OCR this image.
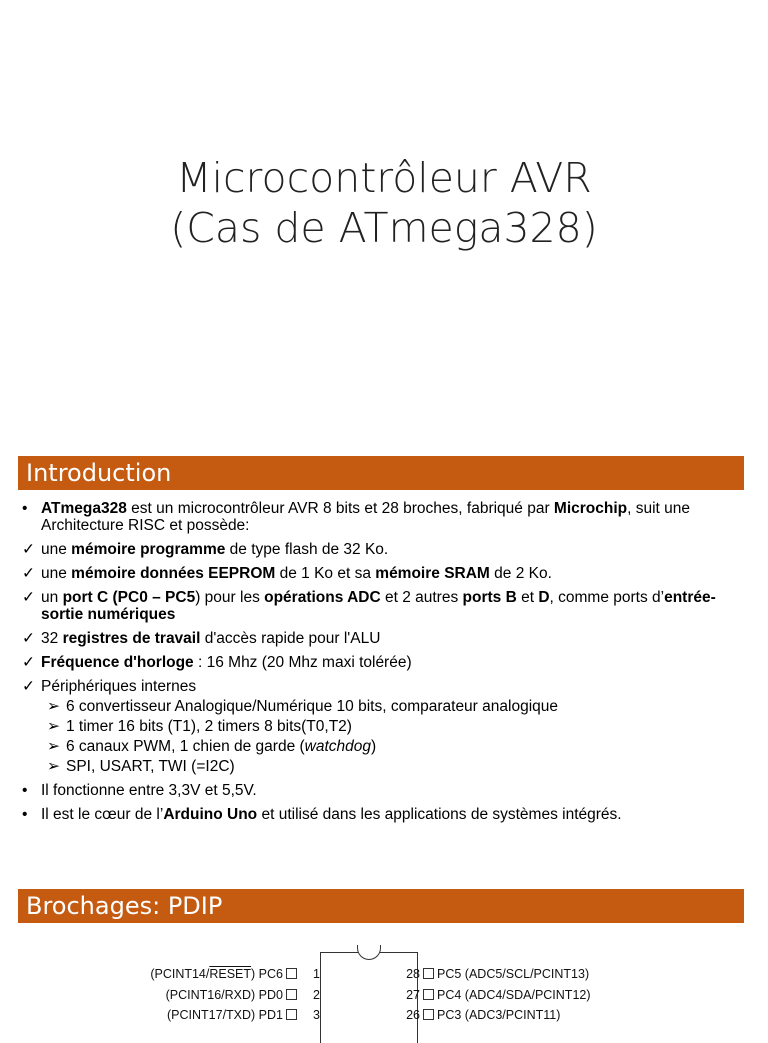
Microcontrôleur AVR
(Cas de ATmega328)
Introduction
• ATmega328 est un microcontrôleur AVR 8 bits et 28 broches, fabriqué par Microchip, suit une Architecture RISC et possède:
✓ une mémoire programme de type flash de 32 Ko.
✓ une mémoire données EEPROM de 1 Ko et sa mémoire SRAM de 2 Ko.
✓ un port C (PC0 – PC5) pour les opérations ADC et 2 autres ports B et D, comme ports d’entrée-sortie numériques
✓ 32 registres de travail d'accès rapide pour l'ALU
✓ Fréquence d'horloge : 16 Mhz (20 Mhz maxi tolérée)
✓ Périphériques internes
➢ 6 convertisseur Analogique/Numérique 10 bits, comparateur analogique
➢ 1 timer 16 bits (T1), 2 timers 8 bits(T0,T2)
➢ 6 canaux PWM, 1 chien de garde (watchdog)
➢ SPI, USART, TWI (=I2C)
• Il fonctionne entre 3,3V et 5,5V.
• Il est le cœur de l’Arduino Uno et utilisé dans les applications de systèmes intégrés.
Brochages: PDIP
(PCINT14/RESET) PC6 1
(PCINT16/RXD) PD0 2
(PCINT17/TXD) PD1 3
28 PC5 (ADC5/SCL/PCINT13)
27 PC4 (ADC4/SDA/PCINT12)
26 PC3 (ADC3/PCINT11)
